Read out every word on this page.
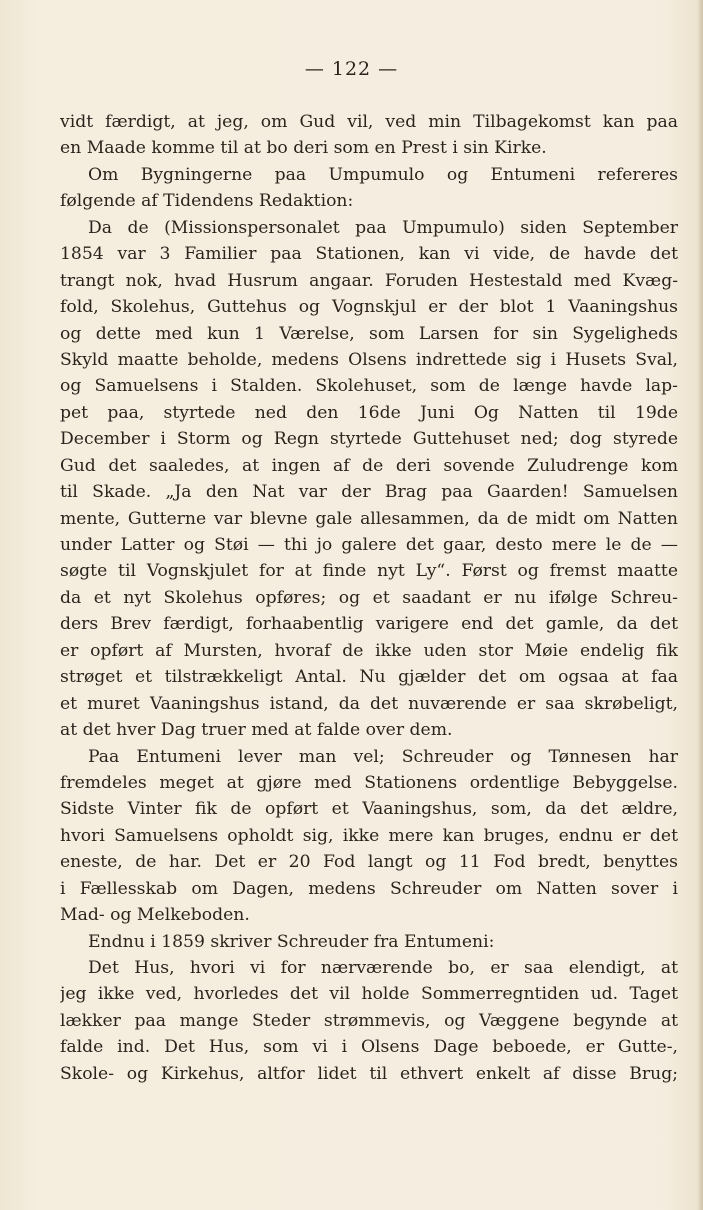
— 122 —
vidt færdigt, at jeg, om Gud vil, ved min Tilbagekomst kan paa
en Maade komme til at bo deri som en Prest i sin Kirke.
Om Bygningerne paa Umpumulo og Entumeni refereres
følgende af Tidendens Redaktion:
Da de (Missionspersonalet paa Umpumulo) siden September
1854 var 3 Familier paa Stationen, kan vi vide, de havde det
trangt nok, hvad Husrum angaar. Foruden Hestestald med Kvæg-
fold, Skolehus, Guttehus og Vognskjul er der blot 1 Vaaningshus
og dette med kun 1 Værelse, som Larsen for sin Sygeligheds
Skyld maatte beholde, medens Olsens indrettede sig i Husets Sval,
og Samuelsens i Stalden. Skolehuset, som de længe havde lap-
pet paa, styrtede ned den 16de Juni Og Natten til 19de
December i Storm og Regn styrtede Guttehuset ned; dog styrede
Gud det saaledes, at ingen af de deri sovende Zuludrenge kom
til Skade. „Ja den Nat var der Brag paa Gaarden! Samuelsen
mente, Gutterne var blevne gale allesammen, da de midt om Natten
under Latter og Støi — thi jo galere det gaar, desto mere le de —
søgte til Vognskjulet for at finde nyt Ly“. Først og fremst maatte
da et nyt Skolehus opføres; og et saadant er nu ifølge Schreu-
ders Brev færdigt, forhaabentlig varigere end det gamle, da det
er opført af Mursten, hvoraf de ikke uden stor Møie endelig fik
strøget et tilstrækkeligt Antal. Nu gjælder det om ogsaa at faa
et muret Vaaningshus istand, da det nuværende er saa skrøbeligt,
at det hver Dag truer med at falde over dem.
Paa Entumeni lever man vel; Schreuder og Tønnesen har
fremdeles meget at gjøre med Stationens ordentlige Bebyggelse.
Sidste Vinter fik de opført et Vaaningshus, som, da det ældre,
hvori Samuelsens opholdt sig, ikke mere kan bruges, endnu er det
eneste, de har. Det er 20 Fod langt og 11 Fod bredt, benyttes
i Fællesskab om Dagen, medens Schreuder om Natten sover i
Mad- og Melkeboden.
Endnu i 1859 skriver Schreuder fra Entumeni:
Det Hus, hvori vi for nærværende bo, er saa elendigt, at
jeg ikke ved, hvorledes det vil holde Sommerregntiden ud. Taget
lækker paa mange Steder strømmevis, og Væggene begynde at
falde ind. Det Hus, som vi i Olsens Dage beboede, er Gutte-,
Skole- og Kirkehus, altfor lidet til ethvert enkelt af disse Brug;
